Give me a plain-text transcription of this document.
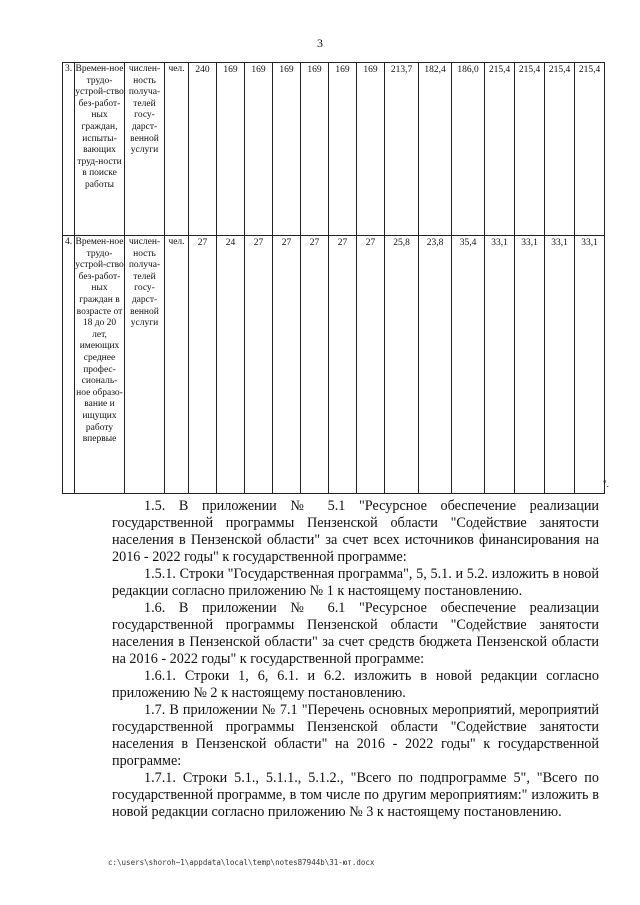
3
3.	Времен-ное трудо-устрой-ство без-работ-ных граждан, испыты-вающих труд-ности в поиске работы	числен-ность получа-телей госу-дарст-венной услуги	чел.	240	169	169	169	169	169	169	213,7	182,4	186,0	215,4	215,4	215,4	215,4
4.	Времен-ное трудо-устрой-ство без-работ-ных граждан в возрасте от 18 до 20 лет, имеющих среднее профес-сиональ-ное образо-вание и ищущих работу впервые	числен-ность получа-телей госу-дарст-венной услуги	чел.	27	24	27	27	27	27	27	25,8	23,8	35,4	33,1	33,1	33,1	33,1
".

1.5. В приложении № 5.1 "Ресурсное обеспечение реализации государственной программы Пензенской области "Содействие занятости населения в Пензенской области" за счет всех источников финансирования на 2016 - 2022 годы" к государственной программе:

1.5.1. Строки "Государственная программа", 5, 5.1. и 5.2. изложить в новой редакции согласно приложению № 1 к настоящему постановлению.

1.6. В приложении № 6.1 "Ресурсное обеспечение реализации государственной программы Пензенской области "Содействие занятости населения в Пензенской области" за счет средств бюджета Пензенской области на 2016 - 2022 годы" к государственной программе:

1.6.1. Строки 1, 6, 6.1. и 6.2. изложить в новой редакции согласно приложению № 2 к настоящему постановлению.

1.7. В приложении № 7.1 "Перечень основных мероприятий, мероприятий государственной программы Пензенской области "Содействие занятости населения в Пензенской области" на 2016 - 2022 годы" к государственной программе:

1.7.1. Строки 5.1., 5.1.1., 5.1.2., "Всего по подпрограмме 5", "Всего по государственной программе, в том числе по другим мероприятиям:" изложить в новой редакции согласно приложению № 3 к настоящему постановлению.

c:\users\shoroh~1\appdata\local\temp\notes87944b\31-ют.docx
